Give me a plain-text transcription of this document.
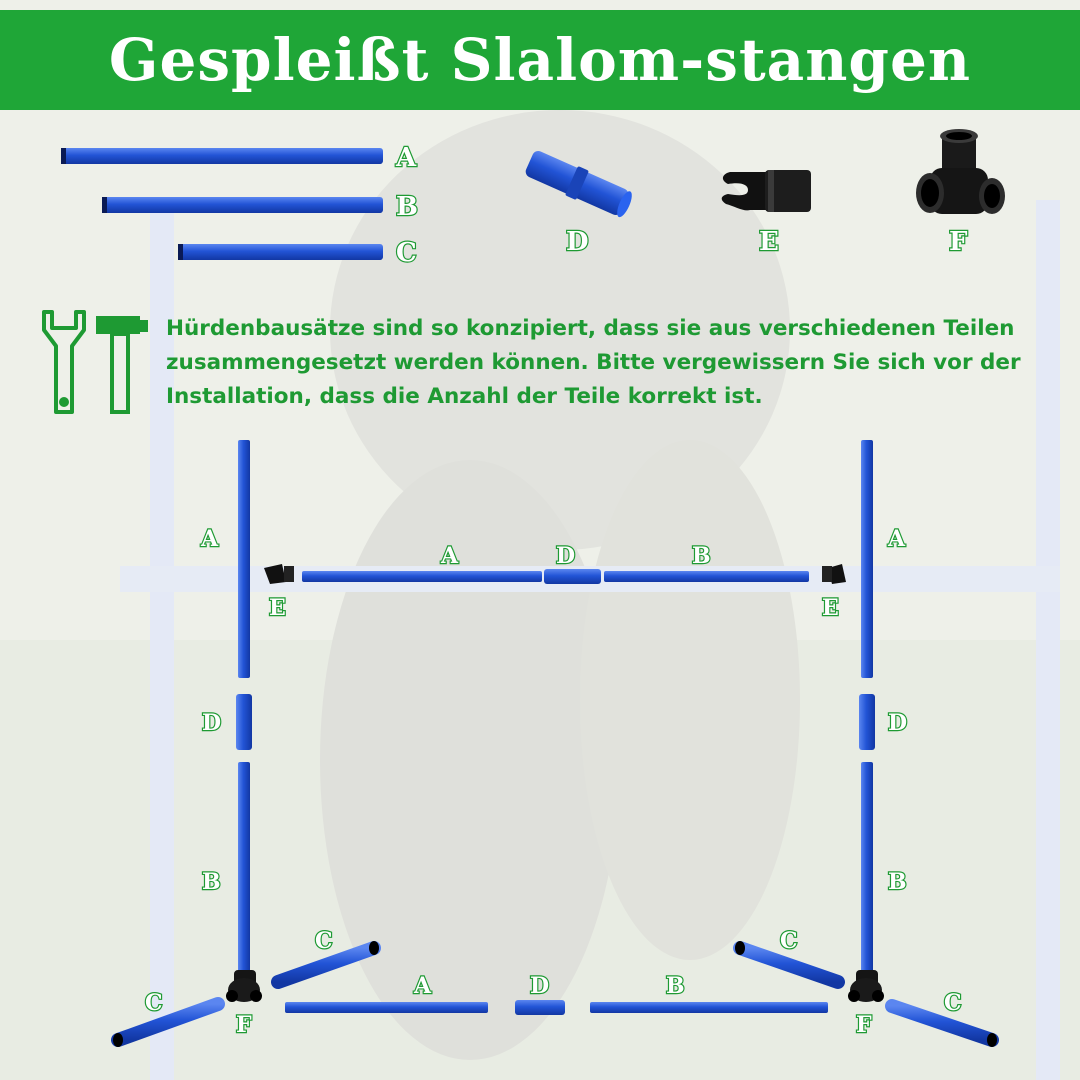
Gespleißt Slalom-stangen
A
B
C	D	E	F
A	A
A	D	B
E	E
D	D
B	B
C	C
A	D	B
C	C
F	F
Hürdenbausätze sind so konzipiert, dass sie aus verschiedenen Teilen
zusammengesetzt werden können. Bitte vergewissern Sie sich vor der
Installation, dass die Anzahl der Teile korrekt ist.
